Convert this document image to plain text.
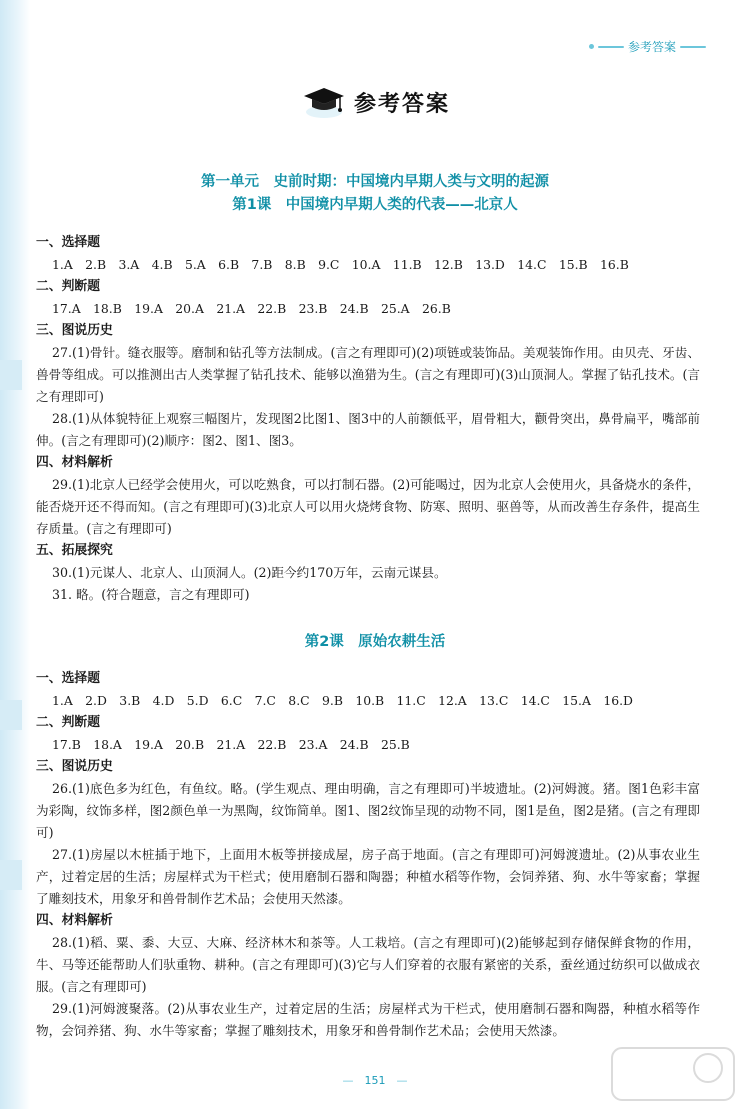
参考答案
参考答案
第一单元　史前时期：中国境内早期人类与文明的起源
第1课　中国境内早期人类的代表——北京人
一、选择题
1.A　2.B　3.A　4.B　5.A　6.B　7.B　8.B　9.C　10.A　11.B　12.B　13.D　14.C　15.B　16.B
二、判断题
17.A　18.B　19.A　20.A　21.A　22.B　23.B　24.B　25.A　26.B
三、图说历史
27.(1)骨针。缝衣服等。磨制和钻孔等方法制成。(言之有理即可)(2)项链或装饰品。美观装饰作用。由贝壳、牙齿、兽骨等组成。可以推测出古人类掌握了钻孔技术、能够以渔猎为生。(言之有理即可)(3)山顶洞人。掌握了钻孔技术。(言之有理即可)
28.(1)从体貌特征上观察三幅图片，发现图2比图1、图3中的人前额低平，眉骨粗大，颧骨突出，鼻骨扁平，嘴部前伸。(言之有理即可)(2)顺序：图2、图1、图3。
四、材料解析
29.(1)北京人已经学会使用火，可以吃熟食，可以打制石器。(2)可能喝过，因为北京人会使用火，具备烧水的条件，能否烧开还不得而知。(言之有理即可)(3)北京人可以用火烧烤食物、防寒、照明、驱兽等，从而改善生存条件，提高生存质量。(言之有理即可)
五、拓展探究
30.(1)元谋人、北京人、山顶洞人。(2)距今约170万年，云南元谋县。
31. 略。(符合题意，言之有理即可)
第2课　原始农耕生活
一、选择题
1.A　2.D　3.B　4.D　5.D　6.C　7.C　8.C　9.B　10.B　11.C　12.A　13.C　14.C　15.A　16.D
二、判断题
17.B　18.A　19.A　20.B　21.A　22.B　23.A　24.B　25.B
三、图说历史
26.(1)底色多为红色，有鱼纹。略。(学生观点、理由明确，言之有理即可)半坡遗址。(2)河姆渡。猪。图1色彩丰富为彩陶，纹饰多样，图2颜色单一为黑陶，纹饰简单。图1、图2纹饰呈现的动物不同，图1是鱼，图2是猪。(言之有理即可)
27.(1)房屋以木桩插于地下，上面用木板等拼接成屋，房子高于地面。(言之有理即可)河姆渡遗址。(2)从事农业生产，过着定居的生活；房屋样式为干栏式；使用磨制石器和陶器；种植水稻等作物，会饲养猪、狗、水牛等家畜；掌握了雕刻技术，用象牙和兽骨制作艺术品；会使用天然漆。
四、材料解析
28.(1)稻、粟、黍、大豆、大麻、经济林木和茶等。人工栽培。(言之有理即可)(2)能够起到存储保鲜食物的作用，牛、马等还能帮助人们驮重物、耕种。(言之有理即可)(3)它与人们穿着的衣服有紧密的关系，蚕丝通过纺织可以做成衣服。(言之有理即可)
29.(1)河姆渡聚落。(2)从事农业生产，过着定居的生活；房屋样式为干栏式，使用磨制石器和陶器，种植水稻等作物，会饲养猪、狗、水牛等家畜；掌握了雕刻技术，用象牙和兽骨制作艺术品；会使用天然漆。
—　151　—
